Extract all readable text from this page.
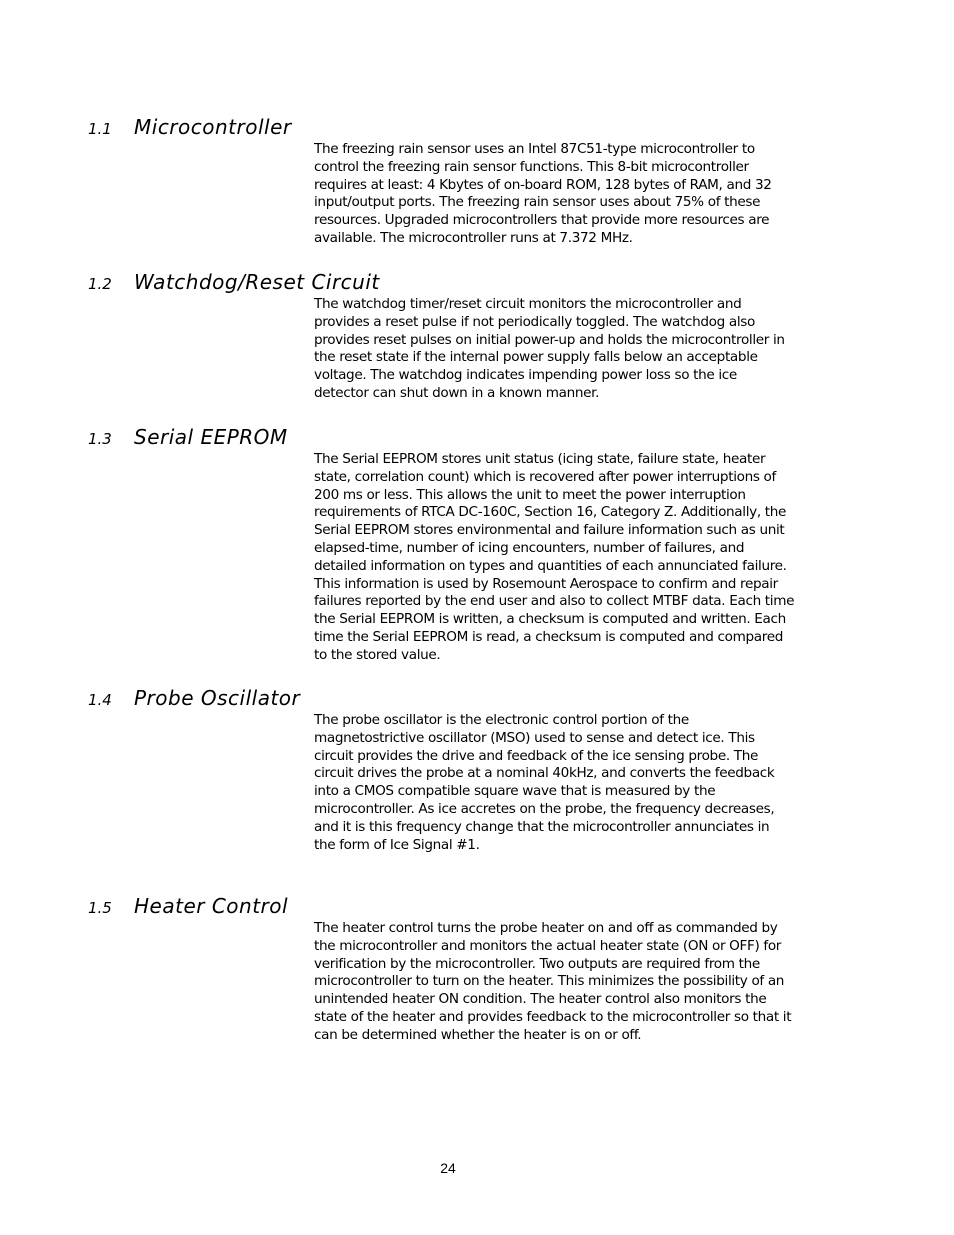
1.1 Microcontroller
The freezing rain sensor uses an Intel 87C51-type microcontroller to
control the freezing rain sensor functions. This 8-bit microcontroller
requires at least: 4 Kbytes of on-board ROM, 128 bytes of RAM, and 32
input/output ports. The freezing rain sensor uses about 75% of these
resources. Upgraded microcontrollers that provide more resources are
available. The microcontroller runs at 7.372 MHz.
1.2 Watchdog/Reset Circuit
The watchdog timer/reset circuit monitors the microcontroller and
provides a reset pulse if not periodically toggled. The watchdog also
provides reset pulses on initial power-up and holds the microcontroller in
the reset state if the internal power supply falls below an acceptable
voltage. The watchdog indicates impending power loss so the ice
detector can shut down in a known manner.
1.3 Serial EEPROM
The Serial EEPROM stores unit status (icing state, failure state, heater
state, correlation count) which is recovered after power interruptions of
200 ms or less. This allows the unit to meet the power interruption
requirements of RTCA DC-160C, Section 16, Category Z. Additionally, the
Serial EEPROM stores environmental and failure information such as unit
elapsed-time, number of icing encounters, number of failures, and
detailed information on types and quantities of each annunciated failure.
This information is used by Rosemount Aerospace to confirm and repair
failures reported by the end user and also to collect MTBF data. Each time
the Serial EEPROM is written, a checksum is computed and written. Each
time the Serial EEPROM is read, a checksum is computed and compared
to the stored value.
1.4 Probe Oscillator
The probe oscillator is the electronic control portion of the
magnetostrictive oscillator (MSO) used to sense and detect ice. This
circuit provides the drive and feedback of the ice sensing probe. The
circuit drives the probe at a nominal 40kHz, and converts the feedback
into a CMOS compatible square wave that is measured by the
microcontroller. As ice accretes on the probe, the frequency decreases,
and it is this frequency change that the microcontroller annunciates in
the form of Ice Signal #1.
1.5 Heater Control
The heater control turns the probe heater on and off as commanded by
the microcontroller and monitors the actual heater state (ON or OFF) for
verification by the microcontroller. Two outputs are required from the
microcontroller to turn on the heater. This minimizes the possibility of an
unintended heater ON condition. The heater control also monitors the
state of the heater and provides feedback to the microcontroller so that it
can be determined whether the heater is on or off.
24
